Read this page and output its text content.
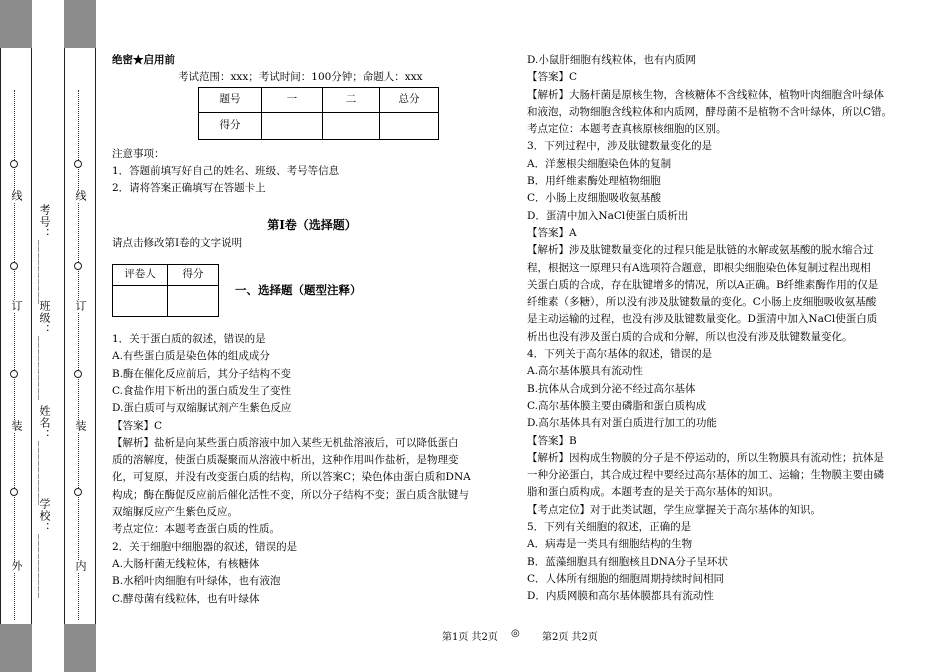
线
订
装
外
考号：__________
班级：__________
姓名：__________
学校：__________
线
订
装
内

绝密★启用前

考试范围：xxx；考试时间：100分钟；命题人：xxx

题号	一	二	总分
得分			

注意事项：

1．答题前填写好自己的姓名、班级、考号等信息

2．请将答案正确填写在答题卡上

第I卷（选择题）

请点击修改第I卷的文字说明

评卷人	得分

一、选择题（题型注释）

1．关于蛋白质的叙述，错误的是

A.有些蛋白质是染色体的组成成分

B.酶在催化反应前后，其分子结构不变

C.食盐作用下析出的蛋白质发生了变性

D.蛋白质可与双缩脲试剂产生紫色反应

【答案】C

【解析】盐析是向某些蛋白质溶液中加入某些无机盐溶液后，可以降低蛋白

质的溶解度，使蛋白质凝聚而从溶液中析出，这种作用叫作盐析，是物理变

化，可复原，并没有改变蛋白质的结构，所以答案C；染色体由蛋白质和DNA

构成；酶在酶促反应前后催化活性不变，所以分子结构不变；蛋白质含肽键与

双缩脲反应产生紫色反应。

考点定位：本题考查蛋白质的性质。

2．关于细胞中细胞器的叙述，错误的是

A.大肠杆菌无线粒体，有核糖体

B.水稻叶肉细胞有叶绿体，也有液泡

C.酵母菌有线粒体，也有叶绿体

D.小鼠肝细胞有线粒体，也有内质网

【答案】C

【解析】大肠杆菌是原核生物，含核糖体不含线粒体，植物叶肉细胞含叶绿体

和液泡，动物细胞含线粒体和内质网，酵母菌不是植物不含叶绿体，所以C错。

考点定位：本题考查真核原核细胞的区别。

3．下列过程中，涉及肽键数量变化的是

A．洋葱根尖细胞染色体的复制

B．用纤维素酶处理植物细胞

C．小肠上皮细胞吸收氨基酸

D．蛋清中加入NaCl使蛋白质析出

【答案】A

【解析】涉及肽键数量变化的过程只能是肽链的水解或氨基酸的脱水缩合过

程，根据这一原理只有A选项符合题意，即根尖细胞染色体复制过程出现相

关蛋白质的合成，存在肽键增多的情况，所以A正确。B纤维素酶作用的仅是

纤维素（多糖），所以没有涉及肽键数量的变化。C小肠上皮细胞吸收氨基酸

是主动运输的过程，也没有涉及肽键数量变化。D蛋清中加入NaCl使蛋白质

析出也没有涉及蛋白质的合成和分解，所以也没有涉及肽键数量变化。

4．下列关于高尔基体的叙述，错误的是

A.高尔基体膜具有流动性

B.抗体从合成到分泌不经过高尔基体

C.高尔基体膜主要由磷脂和蛋白质构成

D.高尔基体具有对蛋白质进行加工的功能

【答案】B

【解析】因构成生物膜的分子是不停运动的，所以生物膜具有流动性；抗体是

一种分泌蛋白，其合成过程中要经过高尔基体的加工、运输；生物膜主要由磷

脂和蛋白质构成。本题考查的是关于高尔基体的知识。

【考点定位】对于此类试题，学生应掌握关于高尔基体的知识。

5．下列有关细胞的叙述，正确的是

A．病毒是一类具有细胞结构的生物

B．蓝藻细胞具有细胞核且DNA分子呈环状

C．人体所有细胞的细胞周期持续时间相同

D．内质网膜和高尔基体膜都具有流动性

第1页 共2页 ◎ 第2页 共2页
